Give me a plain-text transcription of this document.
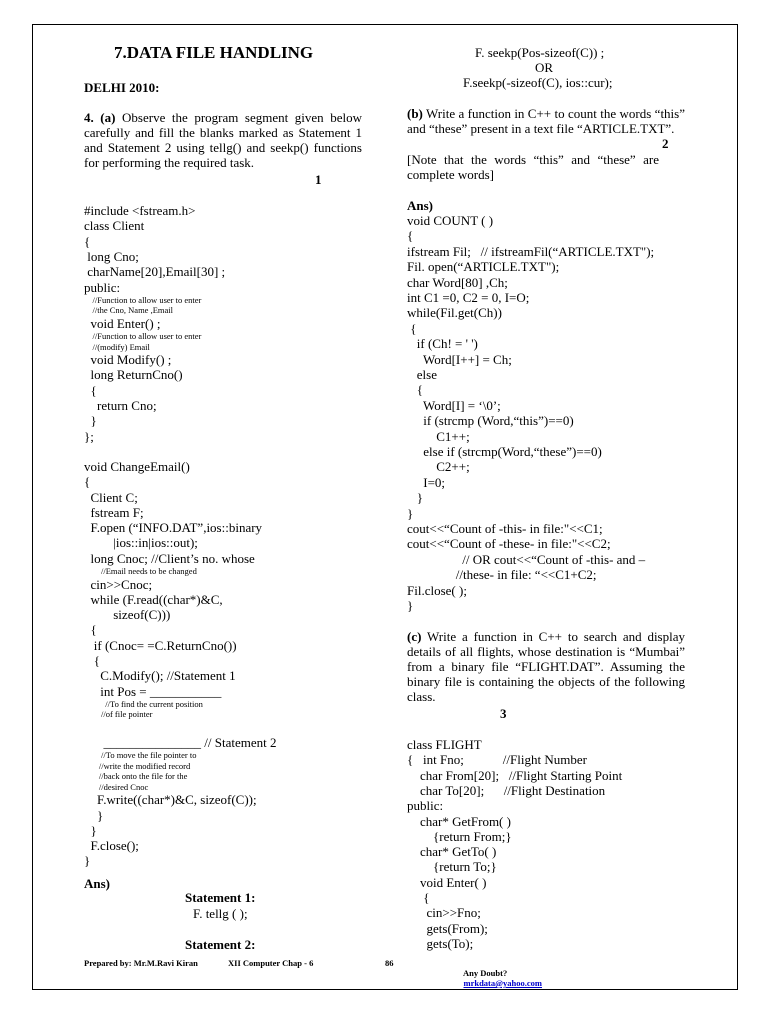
7.DATA FILE HANDLING
DELHI 2010:
4. (a) Observe the program segment given below carefully and fill the blanks marked as Statement 1 and Statement 2 using tellg() and seekp() functions for performing the required task.
1
#include <fstream.h>
class Client
{
long Cno;
charName[20],Email[30] ;
public:
//Function to allow user to enter
//the Cno, Name ,Email
void Enter() ;
//Function to allow user to enter
//(modify) Email
void Modify() ;
long ReturnCno()
{
return Cno;
}
};
void ChangeEmail()
{
Client C;
fstream F;
F.open (“INFO.DAT”,ios::binary
|ios::in|ios::out);
long Cnoc; //Client’s no. whose
//Email needs to be changed
cin>>Cnoc;
while (F.read((char*)&C,
sizeof(C)))
{
if (Cnoc= =C.ReturnCno())
{
C.Modify(); //Statement 1
int Pos = ___________
//To find the current position
//of file pointer
_______________ // Statement 2
//To move the file pointer to
//write the modified record
//back onto the file for the
//desired Cnoc
F.write((char*)&C, sizeof(C));
}
}
F.close();
}
Ans)
Statement 1:
F. tellg ( );
Statement 2:
F. seekp(Pos-sizeof(C)) ;
OR
F.seekp(-sizeof(C), ios::cur);
(b) Write a function in C++ to count the words “this” and “these” present in a text file “ARTICLE.TXT”.
2
[Note that the words “this” and “these” are complete words]
Ans)
void COUNT ( )
{
ifstream Fil;   // ifstreamFil(“ARTICLE.TXT");
Fil. open(“ARTICLE.TXT");
char Word[80] ,Ch;
int C1 =0, C2 = 0, I=O;
while(Fil.get(Ch))
{
if (Ch! = ' ')
Word[I++] = Ch;
else
{
Word[I] = ‘\0’;
if (strcmp (Word,“this”)==0)
C1++;
else if (strcmp(Word,“these”)==0)
C2++;
I=0;
}
}
cout<<“Count of -this- in file:"<<C1;
cout<<“Count of -these- in file:"<<C2;
// OR cout<<“Count of -this- and –
//these- in file: “<<C1+C2;
Fil.close( );
}
(c) Write a function in C++ to search and display details of all flights, whose destination is “Mumbai” from a binary file “FLIGHT.DAT”. Assuming the binary file is containing the objects of the following class.
3
class FLIGHT
{   int Fno;            //Flight Number
char From[20];   //Flight Starting Point
char To[20];      //Flight Destination
public:
char* GetFrom( )
{return From;}
char* GetTo( )
{return To;}
void Enter( )
{
cin>>Fno;
gets(From);
gets(To);
Prepared by: Mr.M.Ravi Kiran	XII Computer Chap - 6	86

Any Doubt?
mrkdata@yahoo.com
